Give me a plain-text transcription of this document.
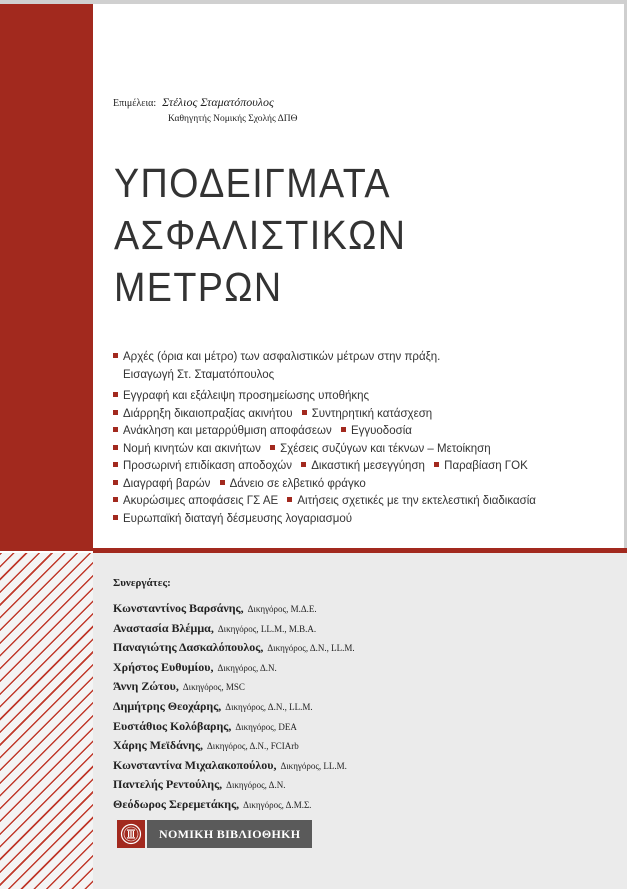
Επιμέλεια: Στέλιος Σταματόπουλος
Καθηγητής Νομικής Σχολής ΔΠΘ
ΥΠΟΔΕΙΓΜΑΤΑ
ΑΣΦΑΛΙΣΤΙΚΩΝ
ΜΕΤΡΩΝ
Αρχές (όρια και μέτρο) των ασφαλιστικών μέτρων στην πράξη.
Εισαγωγή Στ. Σταματόπουλος
Εγγραφή και εξάλειψη προσημείωσης υποθήκης
Διάρρηξη δικαιοπραξίας ακινήτου Συντηρητική κατάσχεση
Ανάκληση και μεταρρύθμιση αποφάσεων Εγγυοδοσία
Νομή κινητών και ακινήτων Σχέσεις συζύγων και τέκνων – Μετοίκηση
Προσωρινή επιδίκαση αποδοχών Δικαστική μεσεγγύηση Παραβίαση ΓΟΚ
Διαγραφή βαρών Δάνειο σε ελβετικό φράγκο
Ακυρώσιμες αποφάσεις ΓΣ ΑΕ Αιτήσεις σχετικές με την εκτελεστική διαδικασία
Ευρωπαϊκή διαταγή δέσμευσης λογαριασμού
Συνεργάτες:
Κωνσταντίνος Βαρσάνης, Δικηγόρος, Μ.Δ.Ε.
Αναστασία Βλέμμα, Δικηγόρος, LL.M., M.B.A.
Παναγιώτης Δασκαλόπουλος, Δικηγόρος, Δ.Ν., LL.M.
Χρήστος Ευθυμίου, Δικηγόρος, Δ.Ν.
Άννη Ζώτου, Δικηγόρος, MSC
Δημήτρης Θεοχάρης, Δικηγόρος, Δ.Ν., LL.M.
Ευστάθιος Κολόβαρης, Δικηγόρος, DEA
Χάρης Μεϊδάνης, Δικηγόρος, Δ.Ν., FCIArb
Κωνσταντίνα Μιχαλακοπούλου, Δικηγόρος, LL.M.
Παντελής Ρεντούλης, Δικηγόρος, Δ.Ν.
Θεόδωρος Σερεμετάκης, Δικηγόρος, Δ.Μ.Σ.
ΝΟΜΙΚΗ ΒΙΒΛΙΟΘΗΚΗ
